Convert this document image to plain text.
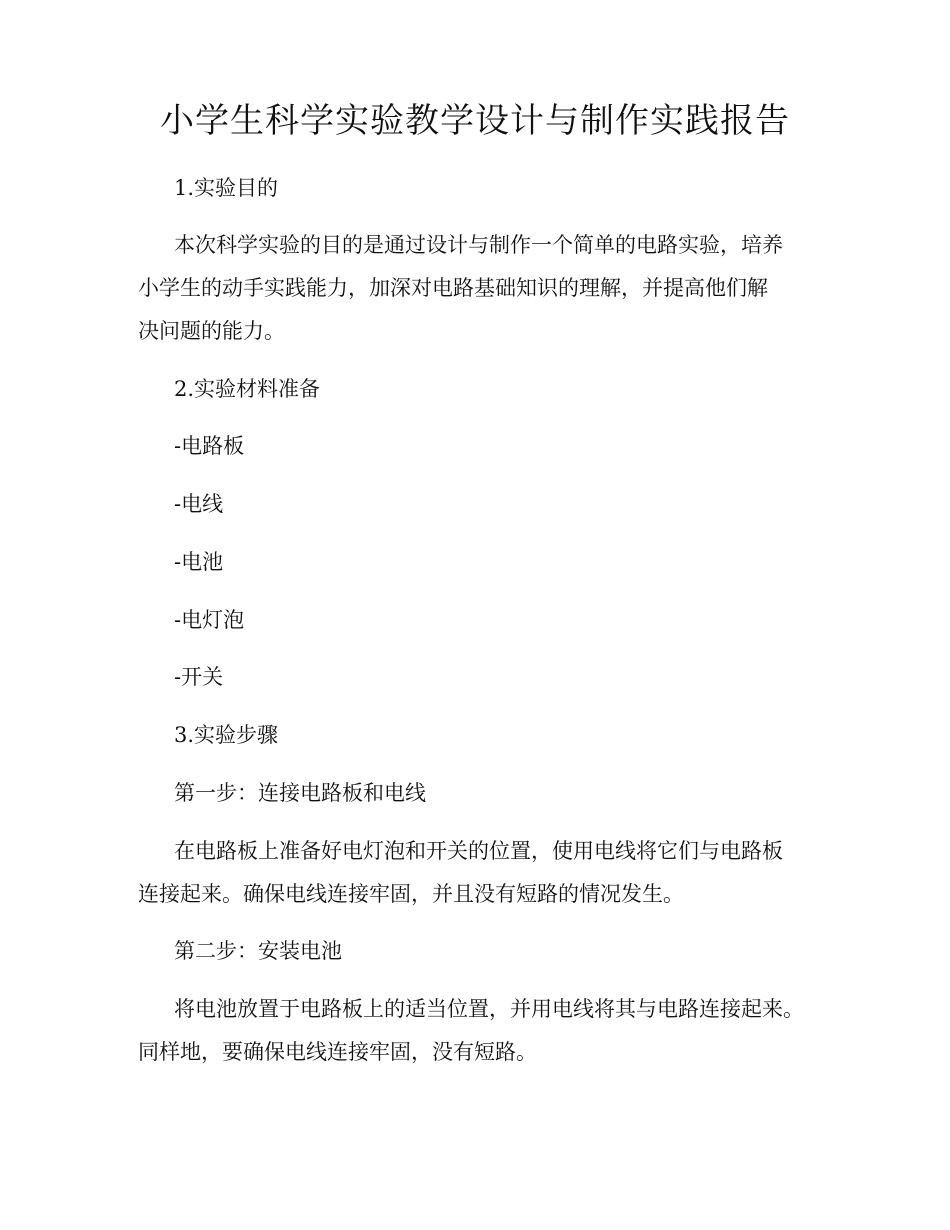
小学生科学实验教学设计与制作实践报告

1.实验目的

本次科学实验的目的是通过设计与制作一个简单的电路实验，培养

小学生的动手实践能力，加深对电路基础知识的理解，并提高他们解

决问题的能力。

2.实验材料准备

-电路板

-电线

-电池

-电灯泡

-开关

3.实验步骤

第一步：连接电路板和电线

在电路板上准备好电灯泡和开关的位置，使用电线将它们与电路板

连接起来。确保电线连接牢固，并且没有短路的情况发生。

第二步：安装电池

将电池放置于电路板上的适当位置，并用电线将其与电路连接起来。

同样地，要确保电线连接牢固，没有短路。
